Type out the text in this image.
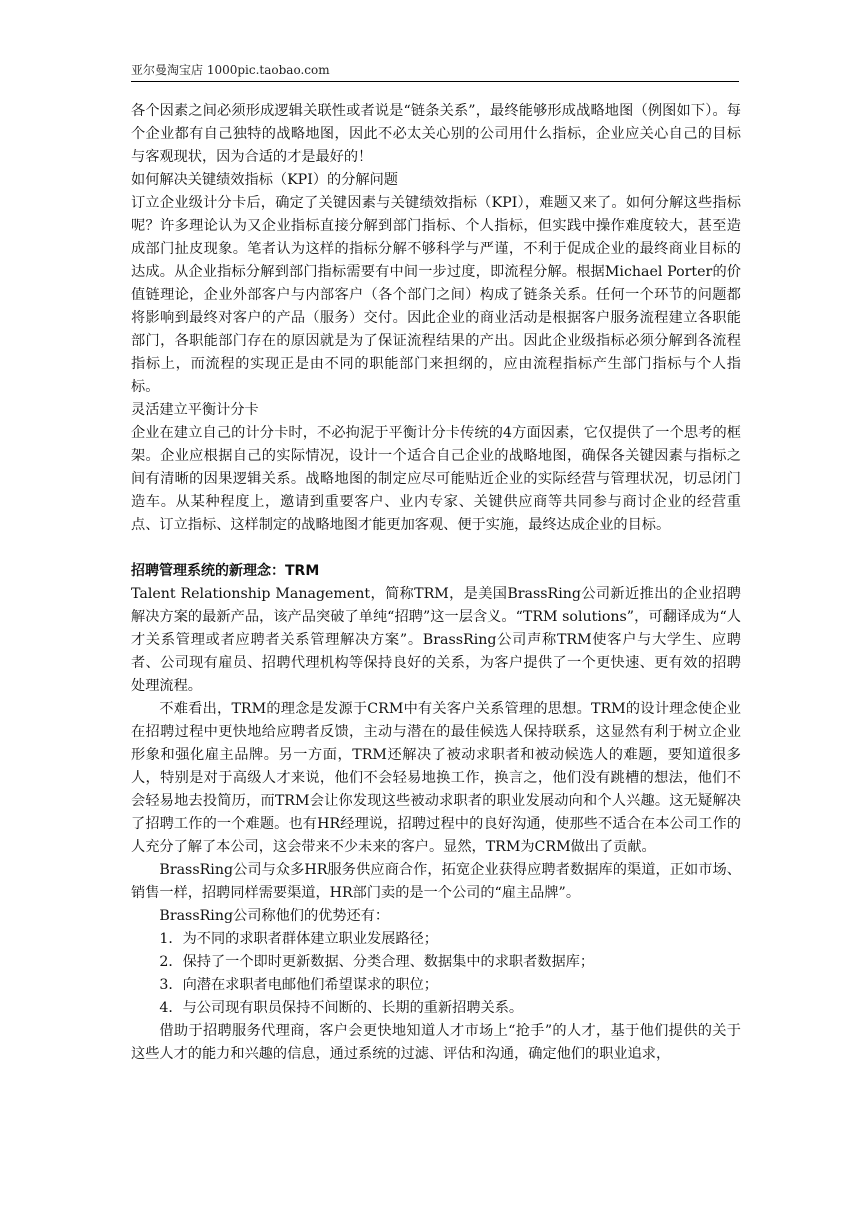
亚尔曼淘宝店 1000pic.taobao.com

各个因素之间必须形成逻辑关联性或者说是“链条关系”，最终能够形成战略地图（例图如下）。每个企业都有自己独特的战略地图，因此不必太关心别的公司用什么指标，企业应关心自己的目标与客观现状，因为合适的才是最好的！

如何解决关键绩效指标（KPI）的分解问题

订立企业级计分卡后，确定了关键因素与关键绩效指标（KPI），难题又来了。如何分解这些指标呢？许多理论认为又企业指标直接分解到部门指标、个人指标，但实践中操作难度较大，甚至造成部门扯皮现象。笔者认为这样的指标分解不够科学与严谨，不利于促成企业的最终商业目标的达成。从企业指标分解到部门指标需要有中间一步过度，即流程分解。根据Michael Porter的价值链理论，企业外部客户与内部客户（各个部门之间）构成了链条关系。任何一个环节的问题都将影响到最终对客户的产品（服务）交付。因此企业的商业活动是根据客户服务流程建立各职能部门，各职能部门存在的原因就是为了保证流程结果的产出。因此企业级指标必须分解到各流程指标上，而流程的实现正是由不同的职能部门来担纲的，应由流程指标产生部门指标与个人指标。

灵活建立平衡计分卡

企业在建立自己的计分卡时，不必拘泥于平衡计分卡传统的4方面因素，它仅提供了一个思考的框架。企业应根据自己的实际情况，设计一个适合自己企业的战略地图，确保各关键因素与指标之间有清晰的因果逻辑关系。战略地图的制定应尽可能贴近企业的实际经营与管理状况，切忌闭门造车。从某种程度上，邀请到重要客户、业内专家、关键供应商等共同参与商讨企业的经营重点、订立指标、这样制定的战略地图才能更加客观、便于实施，最终达成企业的目标。

招聘管理系统的新理念：TRM

Talent Relationship Management，简称TRM，是美国BrassRing公司新近推出的企业招聘解决方案的最新产品，该产品突破了单纯“招聘”这一层含义。“TRM solutions”，可翻译成为“人才关系管理或者应聘者关系管理解决方案”。BrassRing公司声称TRM使客户与大学生、应聘者、公司现有雇员、招聘代理机构等保持良好的关系，为客户提供了一个更快速、更有效的招聘处理流程。

不难看出，TRM的理念是发源于CRM中有关客户关系管理的思想。TRM的设计理念使企业在招聘过程中更快地给应聘者反馈，主动与潜在的最佳候选人保持联系，这显然有利于树立企业形象和强化雇主品牌。另一方面，TRM还解决了被动求职者和被动候选人的难题，要知道很多人，特别是对于高级人才来说，他们不会轻易地换工作，换言之，他们没有跳槽的想法，他们不会轻易地去投简历，而TRM会让你发现这些被动求职者的职业发展动向和个人兴趣。这无疑解决了招聘工作的一个难题。也有HR经理说，招聘过程中的良好沟通，使那些不适合在本公司工作的人充分了解了本公司，这会带来不少未来的客户。显然，TRM为CRM做出了贡献。

BrassRing公司与众多HR服务供应商合作，拓宽企业获得应聘者数据库的渠道，正如市场、销售一样，招聘同样需要渠道，HR部门卖的是一个公司的“雇主品牌”。

BrassRing公司称他们的优势还有：

1．为不同的求职者群体建立职业发展路径；

2．保持了一个即时更新数据、分类合理、数据集中的求职者数据库；

3．向潜在求职者电邮他们希望谋求的职位；

4．与公司现有职员保持不间断的、长期的重新招聘关系。

借助于招聘服务代理商，客户会更快地知道人才市场上“抢手”的人才，基于他们提供的关于这些人才的能力和兴趣的信息，通过系统的过滤、评估和沟通，确定他们的职业追求，
